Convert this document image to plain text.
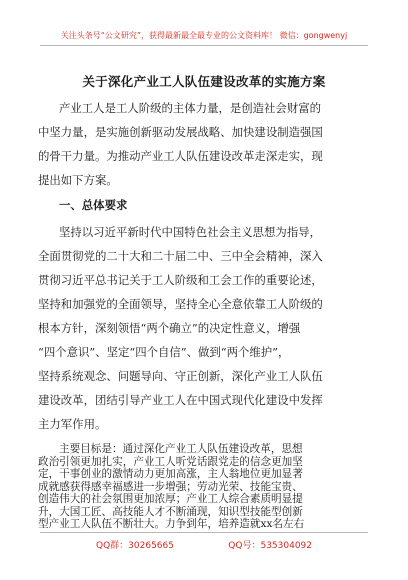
关注头条号“公文研究”，获得最新最全最专业的公文资料库！ 微信：gongwenyj
关于深化产业工人队伍建设改革的实施方案
产业工人是工人阶级的主体力量，是创造社会财富的
中坚力量，是实施创新驱动发展战略、加快建设制造强国
的骨干力量。为推动产业工人队伍建设改革走深走实，现
提出如下方案。
一、总体要求
坚持以习近平新时代中国特色社会主义思想为指导，
全面贯彻党的二十大和二十届二中、三中全会精神，深入
贯彻习近平总书记关于工人阶级和工会工作的重要论述，
坚持和加强党的全面领导，坚持全心全意依靠工人阶级的
根本方针，深刻领悟“两个确立”的决定性意义，增强
“四个意识”、坚定“四个自信”、做到“两个维护”，
坚持系统观念、问题导向、守正创新，深化产业工人队伍
建设改革，团结引导产业工人在中国式现代化建设中发挥
主力军作用。
主要目标是：通过深化产业工人队伍建设改革，思想
政治引领更加扎实，产业工人听党话跟党走的信念更加坚
定，干事创业的激情动力更加高涨，主人翁地位更加显著
成就感获得感幸福感进一步增强；劳动光荣、技能宝贵、
QQ群：30265665	QQ号：535304092
创造伟大的社会氛围更加浓厚；产业工人综合素质明显提
升，大国工匠、高技能人才不断涌现，知识型技能型创新
型产业工人队伍不断壮大。力争到年，培养造就xx名左右
